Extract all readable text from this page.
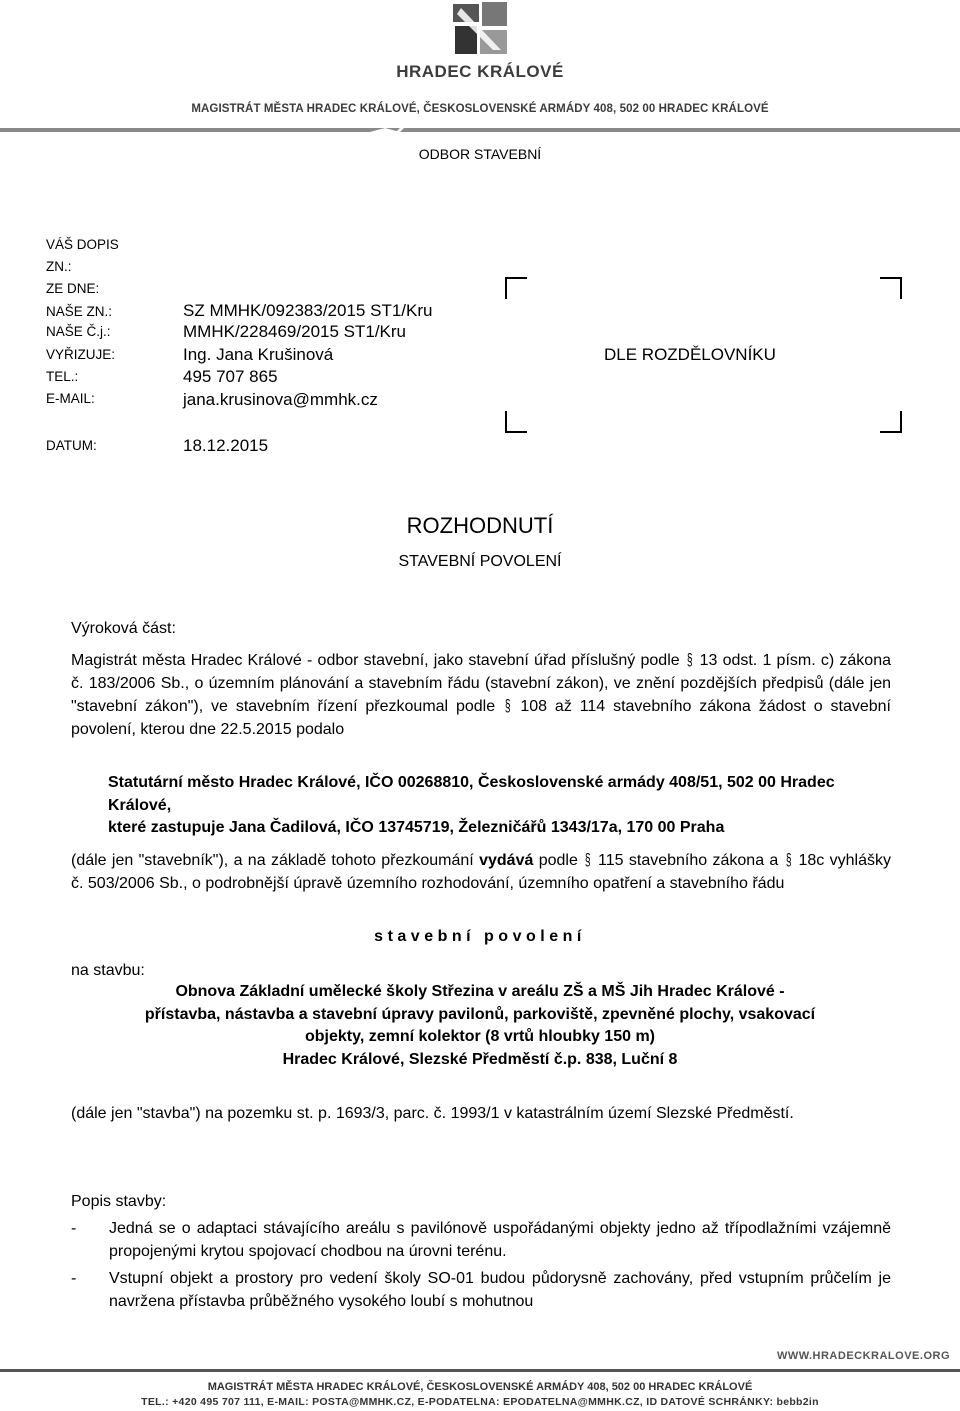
HRADEC KRÁLOVÉ
MAGISTRÁT MĚSTA HRADEC KRÁLOVÉ, ČESKOSLOVENSKÉ ARMÁDY 408, 502 00 HRADEC KRÁLOVÉ
ODBOR STAVEBNÍ
VÁŠ DOPIS
ZN.:
ZE DNE:
NAŠE ZN.:
NAŠE Č.j.:
VYŘIZUJE:
TEL.:
E-MAIL:
DATUM:
SZ MMHK/092383/2015 ST1/Kru
MMHK/228469/2015 ST1/Kru
Ing. Jana Krušinová
495 707 865
jana.krusinova@mmhk.cz
18.12.2015
DLE ROZDĚLOVNÍKU
ROZHODNUTÍ
STAVEBNÍ POVOLENÍ
Výroková část:
Magistrát města Hradec Králové - odbor stavební, jako stavební úřad příslušný podle § 13 odst. 1 písm. c) zákona č. 183/2006 Sb., o územním plánování a stavebním řádu (stavební zákon), ve znění pozdějších předpisů (dále jen "stavební zákon"), ve stavebním řízení přezkoumal podle § 108 až 114 stavebního zákona žádost o stavební povolení, kterou dne 22.5.2015 podalo
Statutární město Hradec Králové, IČO 00268810, Československé armády 408/51, 502 00 Hradec Králové,
které zastupuje Jana Čadilová, IČO 13745719, Železničářů 1343/17a, 170 00 Praha
(dále jen "stavebník"), a na základě tohoto přezkoumání vydává podle § 115 stavebního zákona a § 18c vyhlášky č. 503/2006 Sb., o podrobnější úpravě územního rozhodování, územního opatření a stavebního řádu
stavební povolení
na stavbu:
Obnova Základní umělecké školy Střezina v areálu ZŠ a MŠ Jih Hradec Králové -
přístavba, nástavba a stavební úpravy pavilonů, parkoviště, zpevněné plochy, vsakovací
objekty, zemní kolektor (8 vrtů hloubky 150 m)
Hradec Králové, Slezské Předměstí č.p. 838, Luční 8
(dále jen "stavba") na pozemku st. p. 1693/3, parc. č. 1993/1 v katastrálním území Slezské Předměstí.
Popis stavby:
- Jedná se o adaptaci stávajícího areálu s pavilónově uspořádanými objekty jedno až třípodlažními vzájemně propojenými krytou spojovací chodbou na úrovni terénu.
- Vstupní objekt a prostory pro vedení školy SO-01 budou půdorysně zachovány, před vstupním průčelím je navržena přístavba průběžného vysokého loubí s mohutnou
WWW.HRADECKRALOVE.ORG
MAGISTRÁT MĚSTA HRADEC KRÁLOVÉ, ČESKOSLOVENSKÉ ARMÁDY 408, 502 00 HRADEC KRÁLOVÉ
TEL.: +420 495 707 111, E-MAIL: POSTA@MMHK.CZ, E-PODATELNA: EPODATELNA@MMHK.CZ, ID DATOVÉ SCHRÁNKY: bebb2in
